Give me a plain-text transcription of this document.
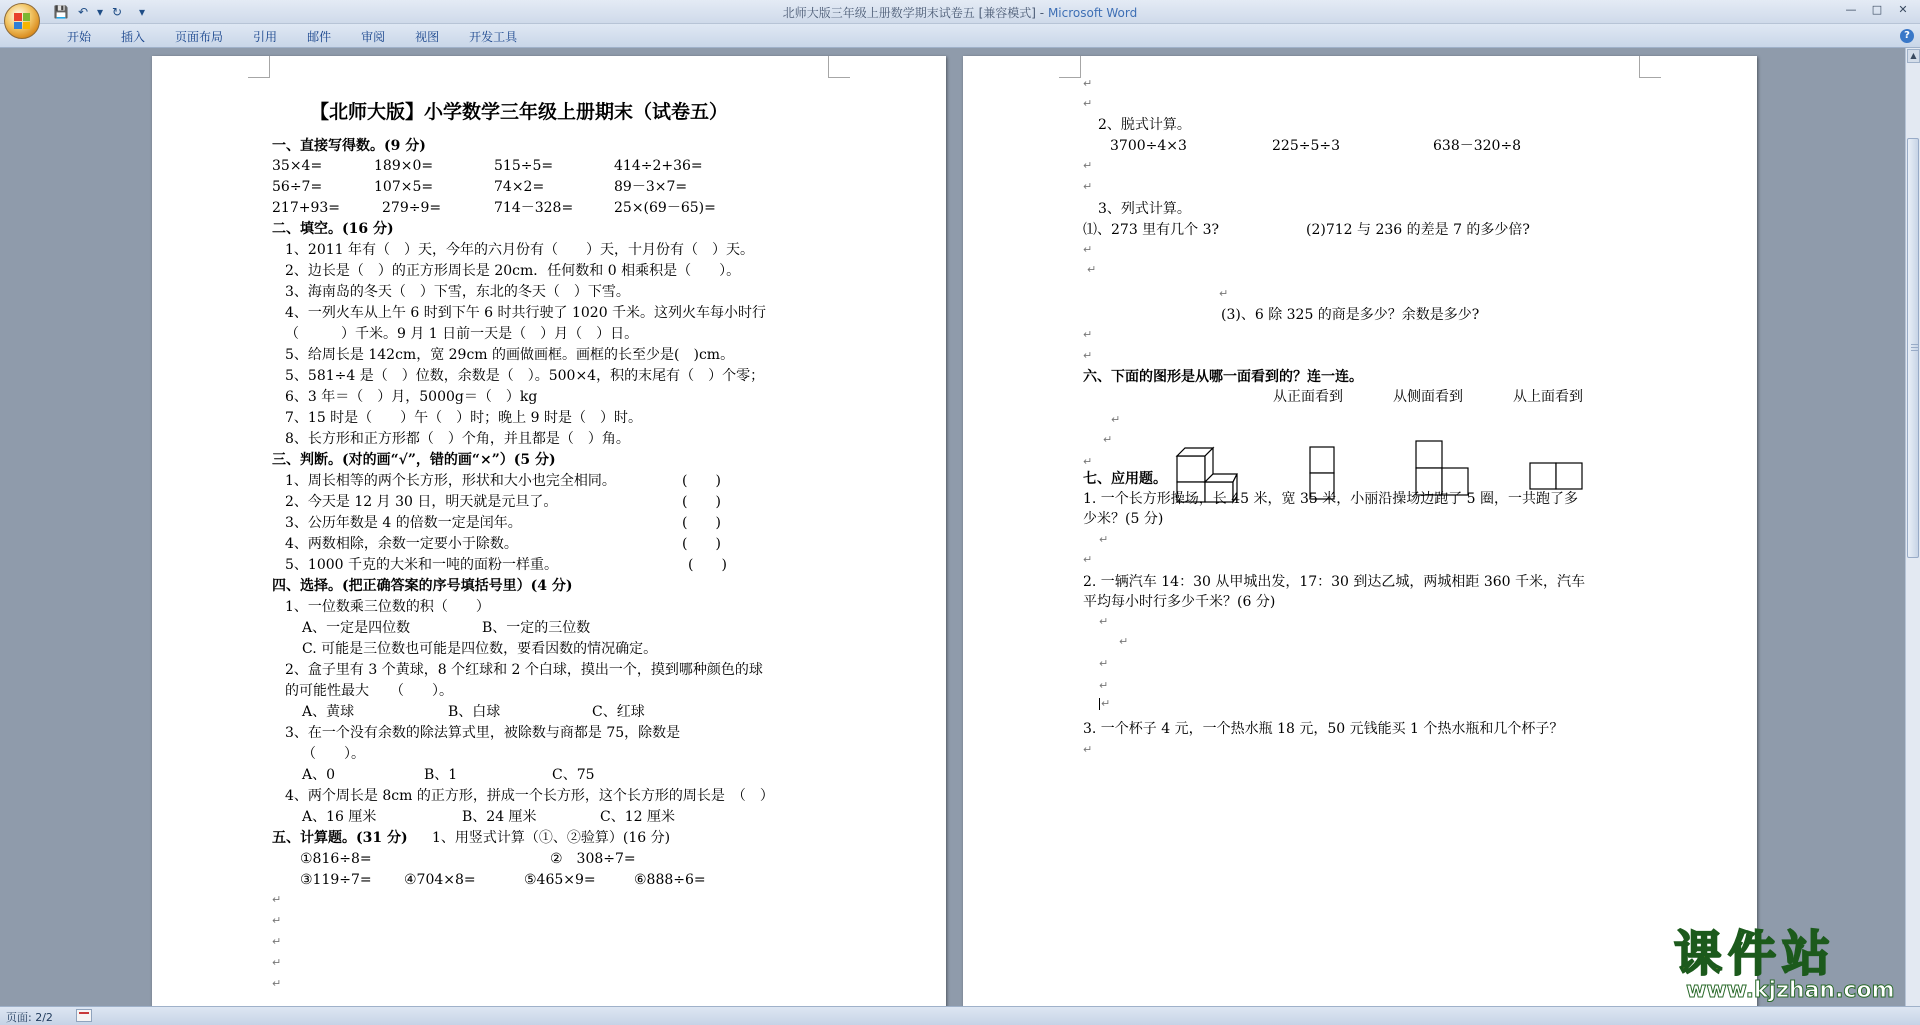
💾 ↶ ▾ ↻	▾	北师大版三年级上册数学期末试卷五 [兼容模式] - Microsoft Word	—	□	✕
开始	插入	页面布局	引用	邮件	审阅	视图	开发工具	?
【北师大版】小学数学三年级上册期末（试卷五）
一、直接写得数。(9 分)
35×4=	189×0=	515÷5=	414÷2+36=
56÷7=	107×5=	74×2=	89－3×7=
217+93=	279÷9=	714－328=	25×(69－65)=
二、填空。(16 分)
1、2011 年有（　）天，今年的六月份有（　　）天，十月份有（　）天。
2、边长是（　）的正方形周长是 20cm．任何数和 0 相乘积是（　　）。
3、海南岛的冬天（　）下雪，东北的冬天（　）下雪。
4、一列火车从上午 6 时到下午 6 时共行驶了 1020 千米。这列火车每小时行
（　　　）千米。9 月 1 日前一天是（　）月（　）日。
5、给周长是 142cm，宽 29cm 的画做画框。画框的长至少是(　)cm。
5、581÷4 是（　）位数，余数是（　）。500×4，积的末尾有（　）个零；
6、3 年＝（　）月，5000g＝（　）kg
7、15 时是（　　）午（　）时；晚上 9 时是（　）时。
8、长方形和正方形都（　）个角，并且都是（　）角。
三、判断。(对的画“√”，错的画“×”）(5 分)
1、周长相等的两个长方形，形状和大小也完全相同。	(　　)
2、今天是 12 月 30 日，明天就是元旦了。	(　　)
3、公历年数是 4 的倍数一定是闰年。	(　　)
4、两数相除，余数一定要小于除数。	(　　)
5、1000 千克的大米和一吨的面粉一样重。	(　　)
四、选择。(把正确答案的序号填括号里）(4 分)
1、一位数乘三位数的积（　　）
A、一定是四位数	B、一定的三位数
C. 可能是三位数也可能是四位数，要看因数的情况确定。
2、盒子里有 3 个黄球，8 个红球和 2 个白球，摸出一个，摸到哪种颜色的球
的可能性最大　　（　　）。
A、黄球	B、白球	C、红球
3、在一个没有余数的除法算式里，被除数与商都是 75，除数是
（　　）。
A、0	B、1	C、75
4、两个周长是 8cm 的正方形，拼成一个长方形，这个长方形的周长是　（　）
A、16 厘米	B、24 厘米	C、12 厘米
五、计算题。(31 分) 1、用竖式计算（①、②验算）(16 分)
①816÷8=	②　308÷7=
③119÷7= ④704×8=	⑤465×9=	⑥888÷6=
↵
↵
↵
↵
↵
↵
↵
2、脱式计算。
3700÷4×3	225÷5÷3	638－320÷8
↵
↵
3、列式计算。
⑴、273 里有几个 3?	(2)712 与 236 的差是 7 的多少倍?
↵
↵
↵
(3)、6 除 325 的商是多少？余数是多少?
↵
↵
六、下面的图形是从哪一面看到的？连一连。
从正面看到	从侧面看到	从上面看到
↵
↵
↵
七、应用题。
1. 一个长方形操场，长 45 米，宽 35 米，小丽沿操场边跑了 5 圈，一共跑了多
少米？(5 分)
↵
↵
2. 一辆汽车 14：30 从甲城出发，17：30 到达乙城，两城相距 360 千米，汽车
平均每小时行多少千米？(6 分)
↵
↵
↵
↵
↵
3. 一个杯子 4 元，一个热水瓶 18 元，50 元钱能买 1 个热水瓶和几个杯子？
↵
▲
页面: 2/2
课件站
www.kjzhan.com
